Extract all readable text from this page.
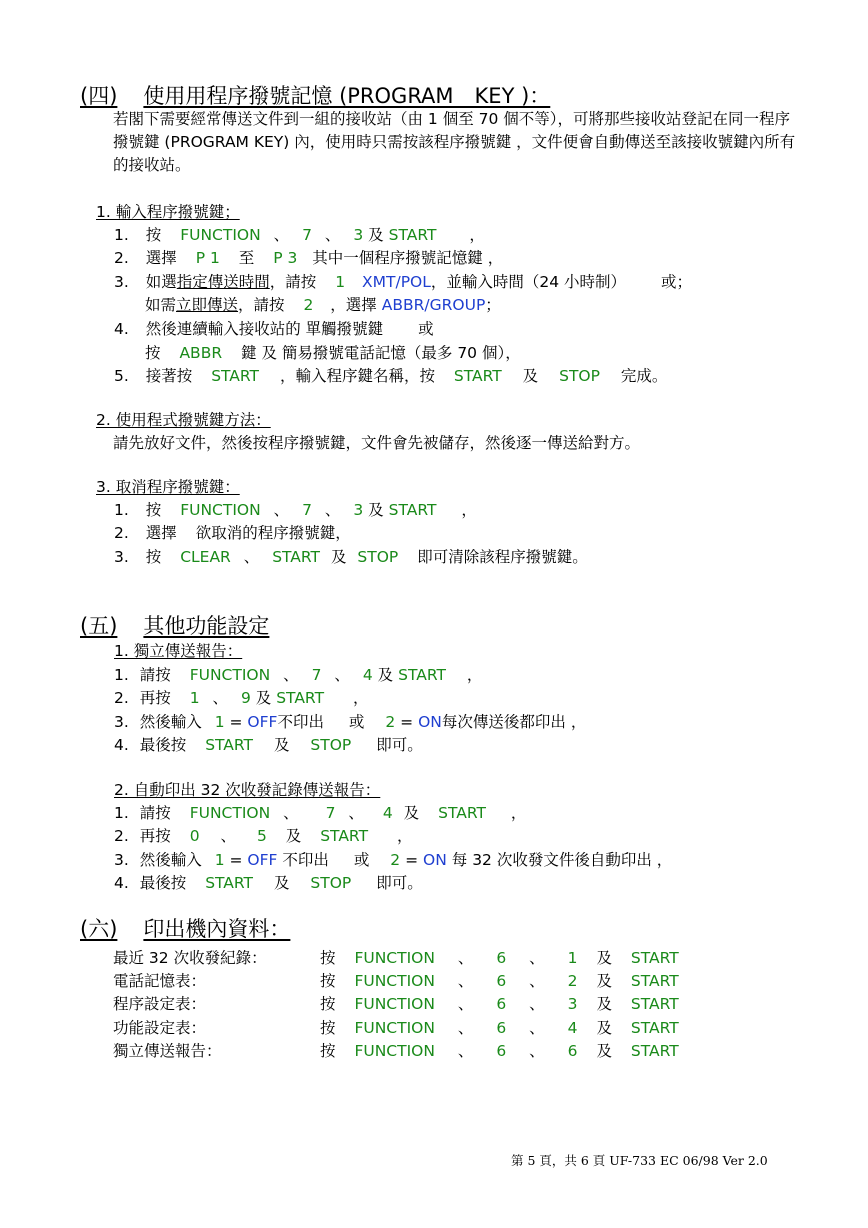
(四) 使用用程序撥號記憶 (PROGRAM　KEY )：
若閣下需要經常傳送文件到一組的接收站（由 1 個至 70 個不等），可將那些接收站登記在同一程序撥號鍵 (PROGRAM KEY) 內，使用時只需按該程序撥號鍵 ，文件便會自動傳送至該接收號鍵內所有的接收站。
1. 輸入程序撥號鍵；
1. 按 FUNCTION 、 7 、 3 及 START ，
2. 選擇 P 1 至 P 3 其中一個程序撥號記憶鍵 ，
3. 如選指定傳送時間，請按 1 XMT/POL，並輸入時間（24 小時制） 或；
如需立即傳送，請按 2 ，選擇 ABBR/GROUP；
4. 然後連續輸入接收站的 單觸撥號鍵 或
按 ABBR 鍵 及 簡易撥號電話記憶（最多 70 個），
5. 接著按 START ，輸入程序鍵名稱，按 START 及 STOP 完成。
2. 使用程式撥號鍵方法：
請先放好文件，然後按程序撥號鍵，文件會先被儲存，然後逐一傳送給對方。
3. 取消程序撥號鍵：
1. 按 FUNCTION 、 7 、 3 及 START ，
2. 選擇 欲取消的程序撥號鍵，
3. 按 CLEAR 、 START 及 STOP 即可清除該程序撥號鍵。
(五) 其他功能設定
1. 獨立傳送報告：
1. 請按 FUNCTION 、 7 、 4 及 START ，
2. 再按 1 、 9 及 START ，
3. 然後輸入 1 = OFF不印出 或 2 = ON每次傳送後都印出 ，
4. 最後按 START 及 STOP 即可。
2. 自動印出 32 次收發記錄傳送報告：
1. 請按 FUNCTION 、 7 、 4 及 START ，
2. 再按 0 、 5 及 START ，
3. 然後輸入 1 = OFF 不印出 或 2 = ON 每 32 次收發文件後自動印出 ，
4. 最後按 START 及 STOP 即可。
(六) 印出機內資料：
最近 32 次收發紀錄：	按 FUNCTION 、 6 、 1 及 START
電話記憶表：	按 FUNCTION 、 6 、 2 及 START
程序設定表：	按 FUNCTION 、 6 、 3 及 START
功能設定表：	按 FUNCTION 、 6 、 4 及 START
獨立傳送報告：	按 FUNCTION 、 6 、 6 及 START
第 5 頁，共 6 頁 UF-733 EC 06/98 Ver 2.0
